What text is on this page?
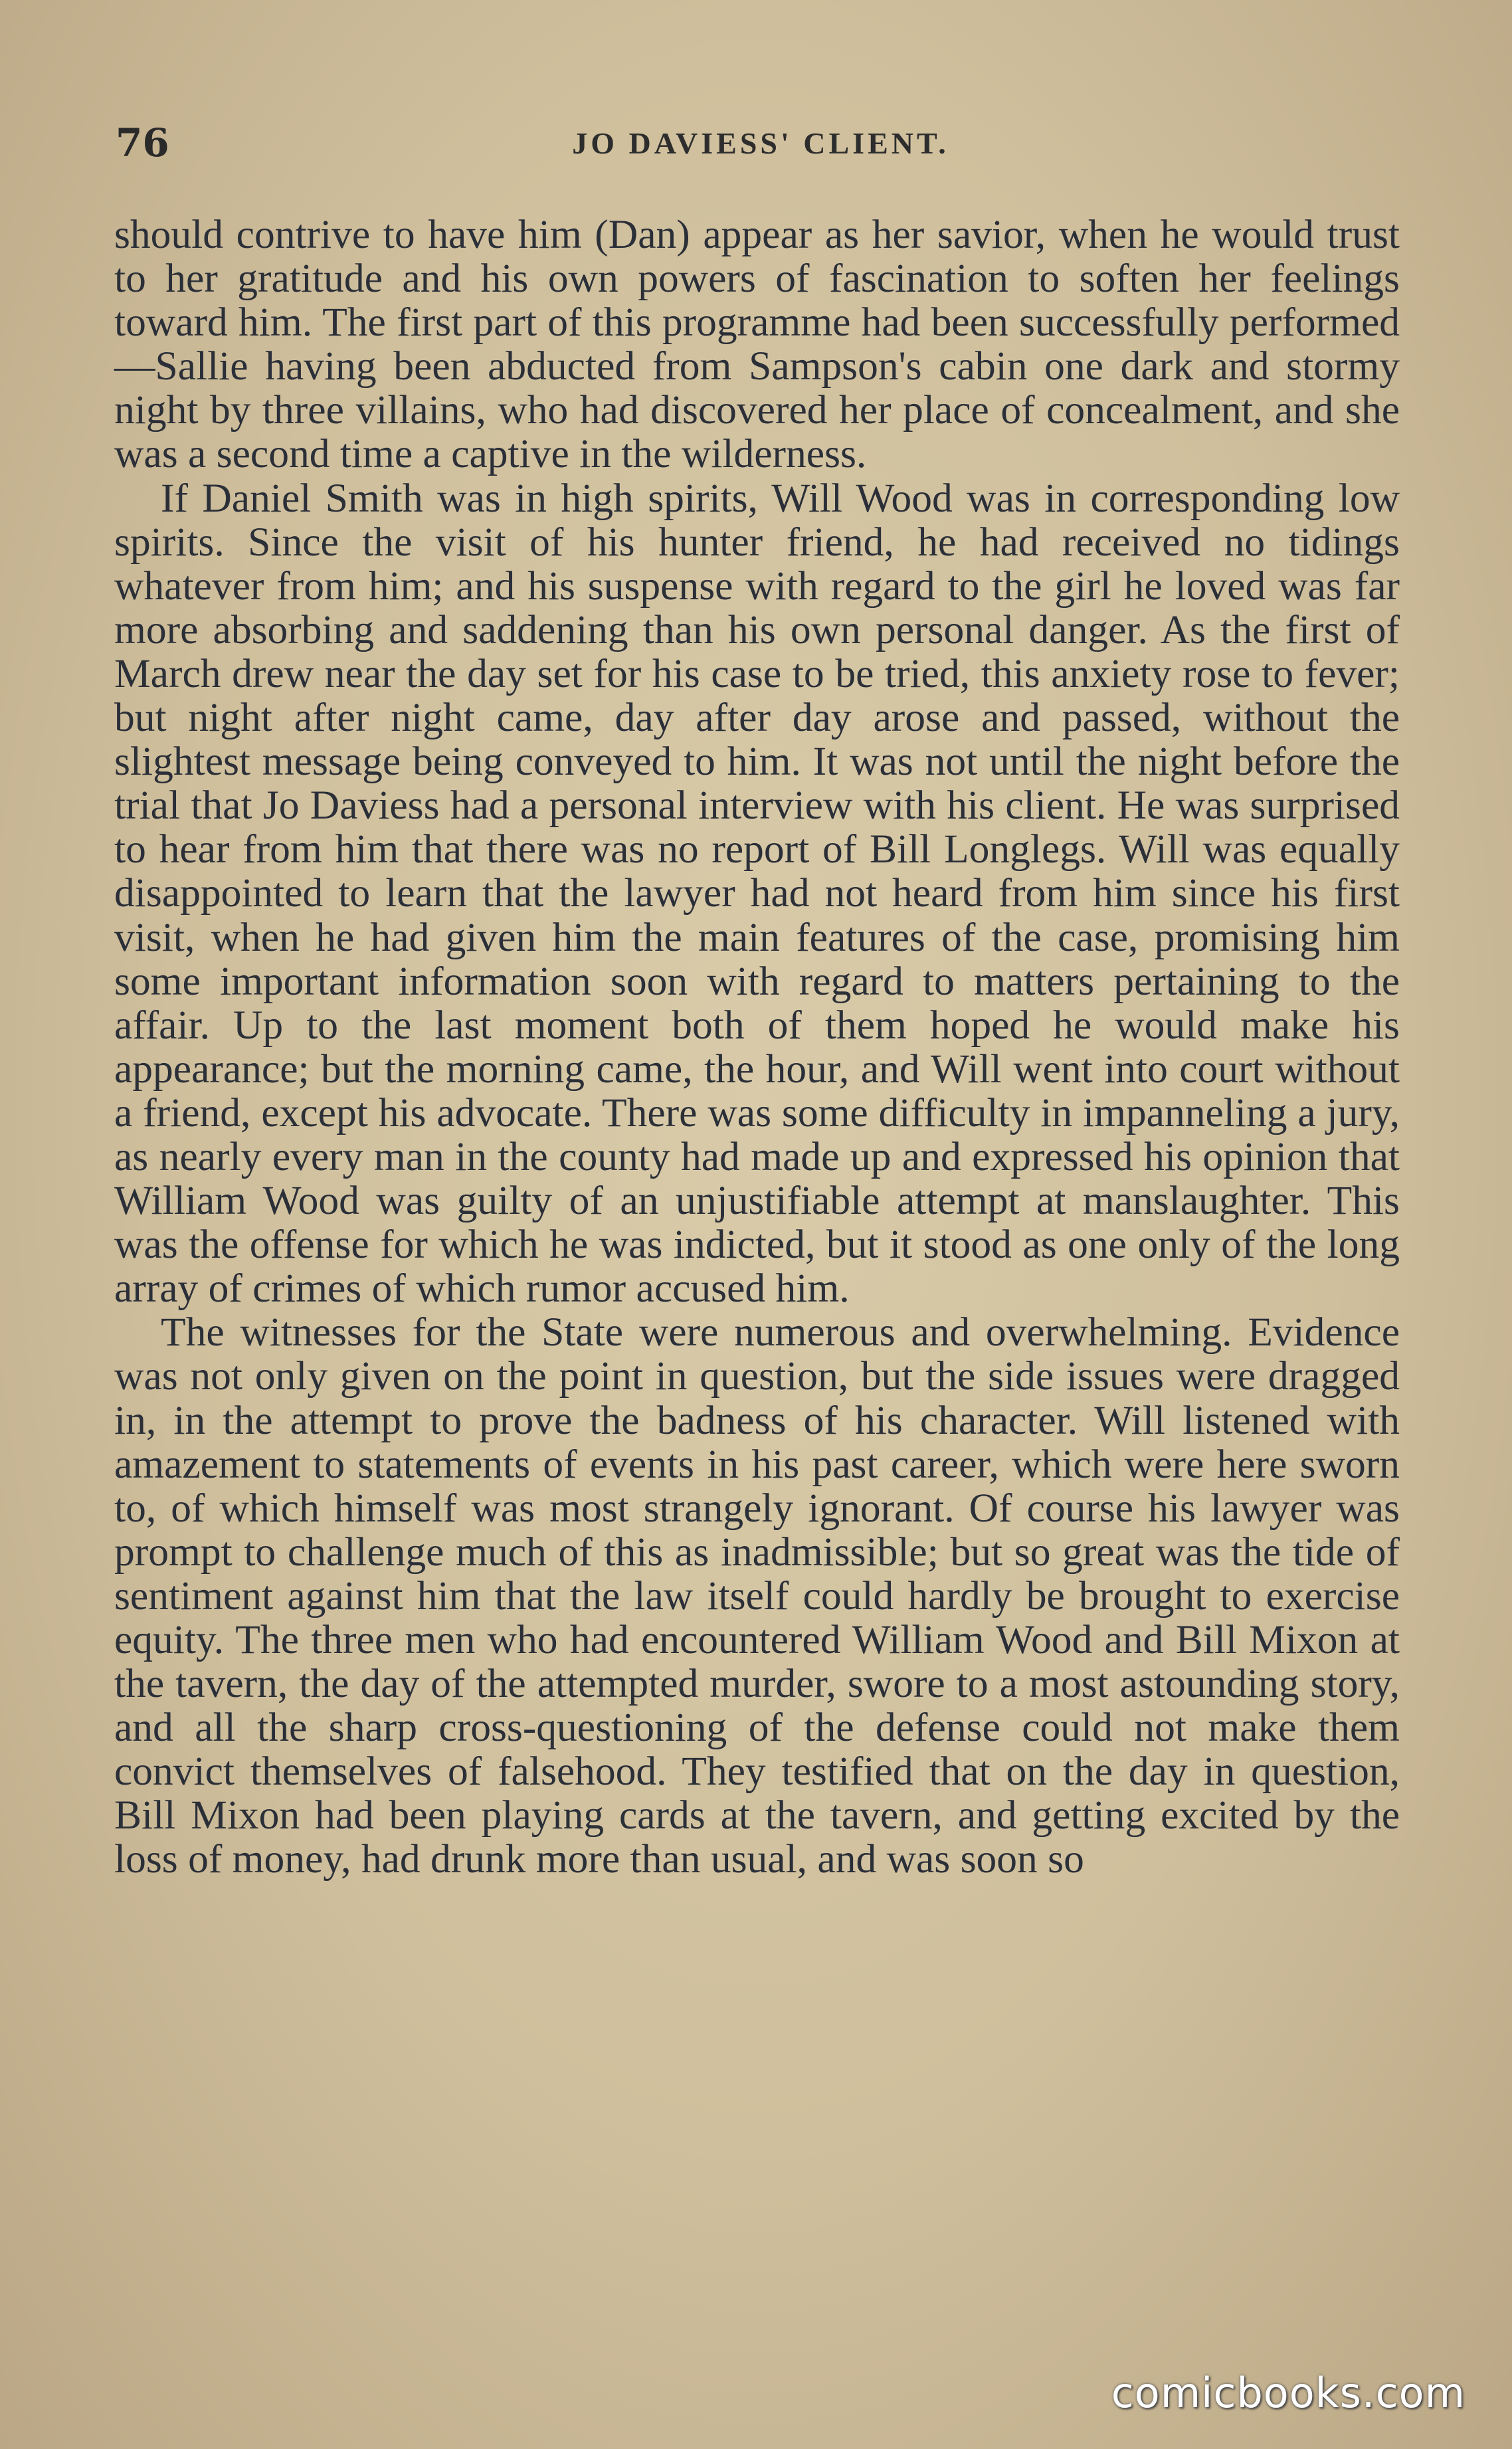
76	JO DAVIESS' CLIENT.

should contrive to have him (Dan) appear as her savior, when he would trust to her gratitude and his own powers of fascination to soften her feelings toward him. The first part of this programme had been successfully performed—Sallie having been abducted from Sampson's cabin one dark and stormy night by three villains, who had discovered her place of concealment, and she was a second time a captive in the wilderness.

If Daniel Smith was in high spirits, Will Wood was in corresponding low spirits. Since the visit of his hunter friend, he had received no tidings whatever from him; and his suspense with regard to the girl he loved was far more absorbing and saddening than his own personal danger. As the first of March drew near the day set for his case to be tried, this anxiety rose to fever; but night after night came, day after day arose and passed, without the slightest message being conveyed to him. It was not until the night before the trial that Jo Daviess had a personal interview with his client. He was surprised to hear from him that there was no report of Bill Longlegs. Will was equally disappointed to learn that the lawyer had not heard from him since his first visit, when he had given him the main features of the case, promising him some important information soon with regard to matters pertaining to the affair. Up to the last moment both of them hoped he would make his appearance; but the morning came, the hour, and Will went into court without a friend, except his advocate. There was some difficulty in impanneling a jury, as nearly every man in the county had made up and expressed his opinion that William Wood was guilty of an unjustifiable attempt at manslaughter. This was the offense for which he was indicted, but it stood as one only of the long array of crimes of which rumor accused him.

The witnesses for the State were numerous and overwhelming. Evidence was not only given on the point in question, but the side issues were dragged in, in the attempt to prove the badness of his character. Will listened with amazement to statements of events in his past career, which were here sworn to, of which himself was most strangely ignorant. Of course his lawyer was prompt to challenge much of this as inadmissible; but so great was the tide of sentiment against him that the law itself could hardly be brought to exercise equity. The three men who had encountered William Wood and Bill Mixon at the tavern, the day of the attempted murder, swore to a most astounding story, and all the sharp cross-questioning of the defense could not make them convict themselves of falsehood. They testified that on the day in question, Bill Mixon had been playing cards at the tavern, and getting excited by the loss of money, had drunk more than usual, and was soon so

comicbooks.com
